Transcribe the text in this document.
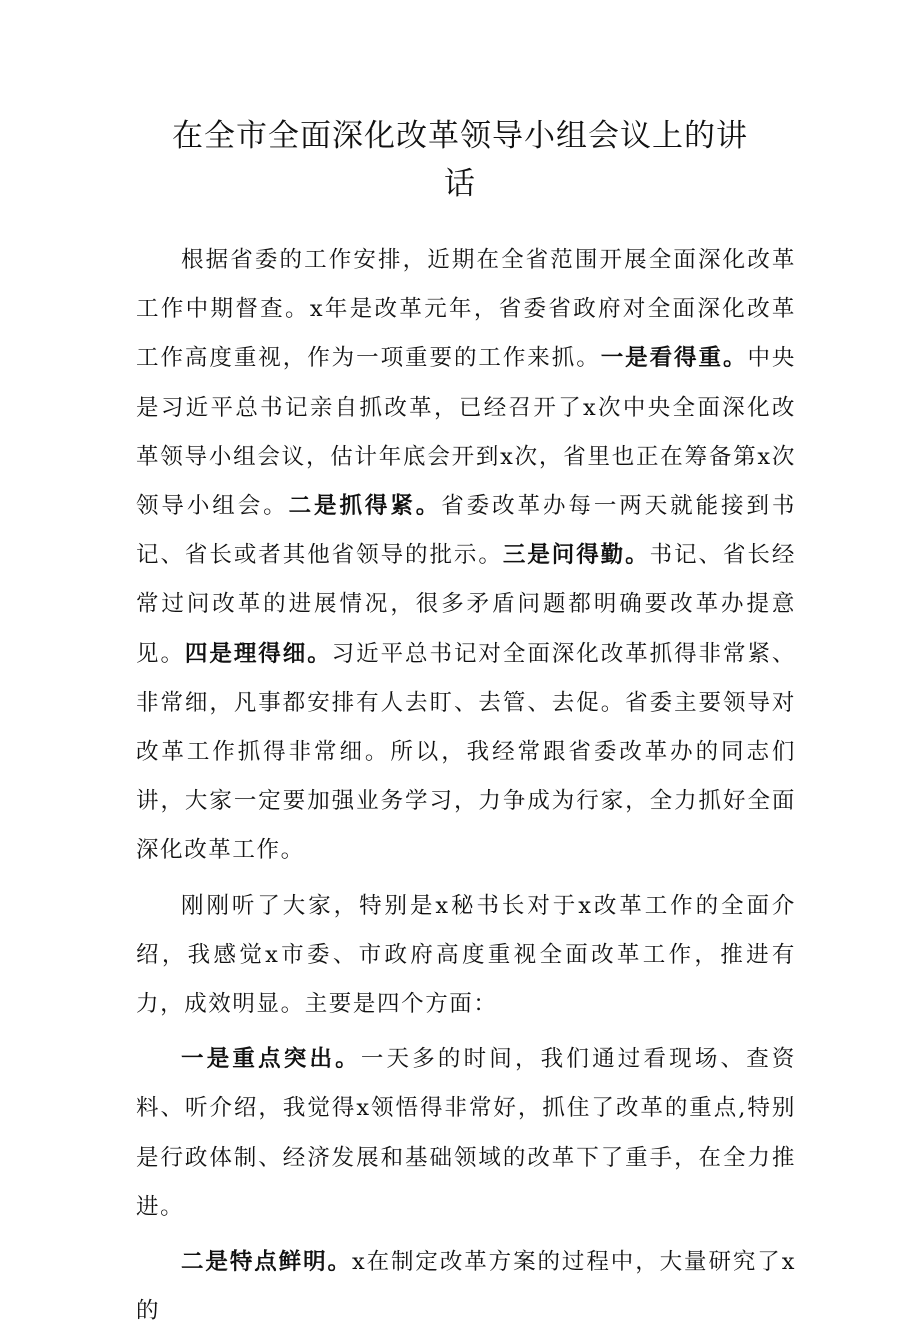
在全市全面深化改革领导小组会议上的讲
话

根据省委的工作安排，近期在全省范围开展全面深化改革工作中期督查。x年是改革元年，省委省政府对全面深化改革工作高度重视，作为一项重要的工作来抓。一是看得重。中央是习近平总书记亲自抓改革，已经召开了x次中央全面深化改革领导小组会议，估计年底会开到x次，省里也正在筹备第x次领导小组会。二是抓得紧。省委改革办每一两天就能接到书记、省长或者其他省领导的批示。三是问得勤。书记、省长经常过问改革的进展情况，很多矛盾问题都明确要改革办提意见。四是理得细。习近平总书记对全面深化改革抓得非常紧、非常细，凡事都安排有人去盯、去管、去促。省委主要领导对改革工作抓得非常细。所以，我经常跟省委改革办的同志们讲，大家一定要加强业务学习，力争成为行家，全力抓好全面深化改革工作。

刚刚听了大家，特别是x秘书长对于x改革工作的全面介绍，我感觉x市委、市政府高度重视全面改革工作，推进有力，成效明显。主要是四个方面：

一是重点突出。一天多的时间，我们通过看现场、查资料、听介绍，我觉得x领悟得非常好，抓住了改革的重点,特别是行政体制、经济发展和基础领域的改革下了重手，在全力推进。

二是特点鲜明。x在制定改革方案的过程中，大量研究了x的
